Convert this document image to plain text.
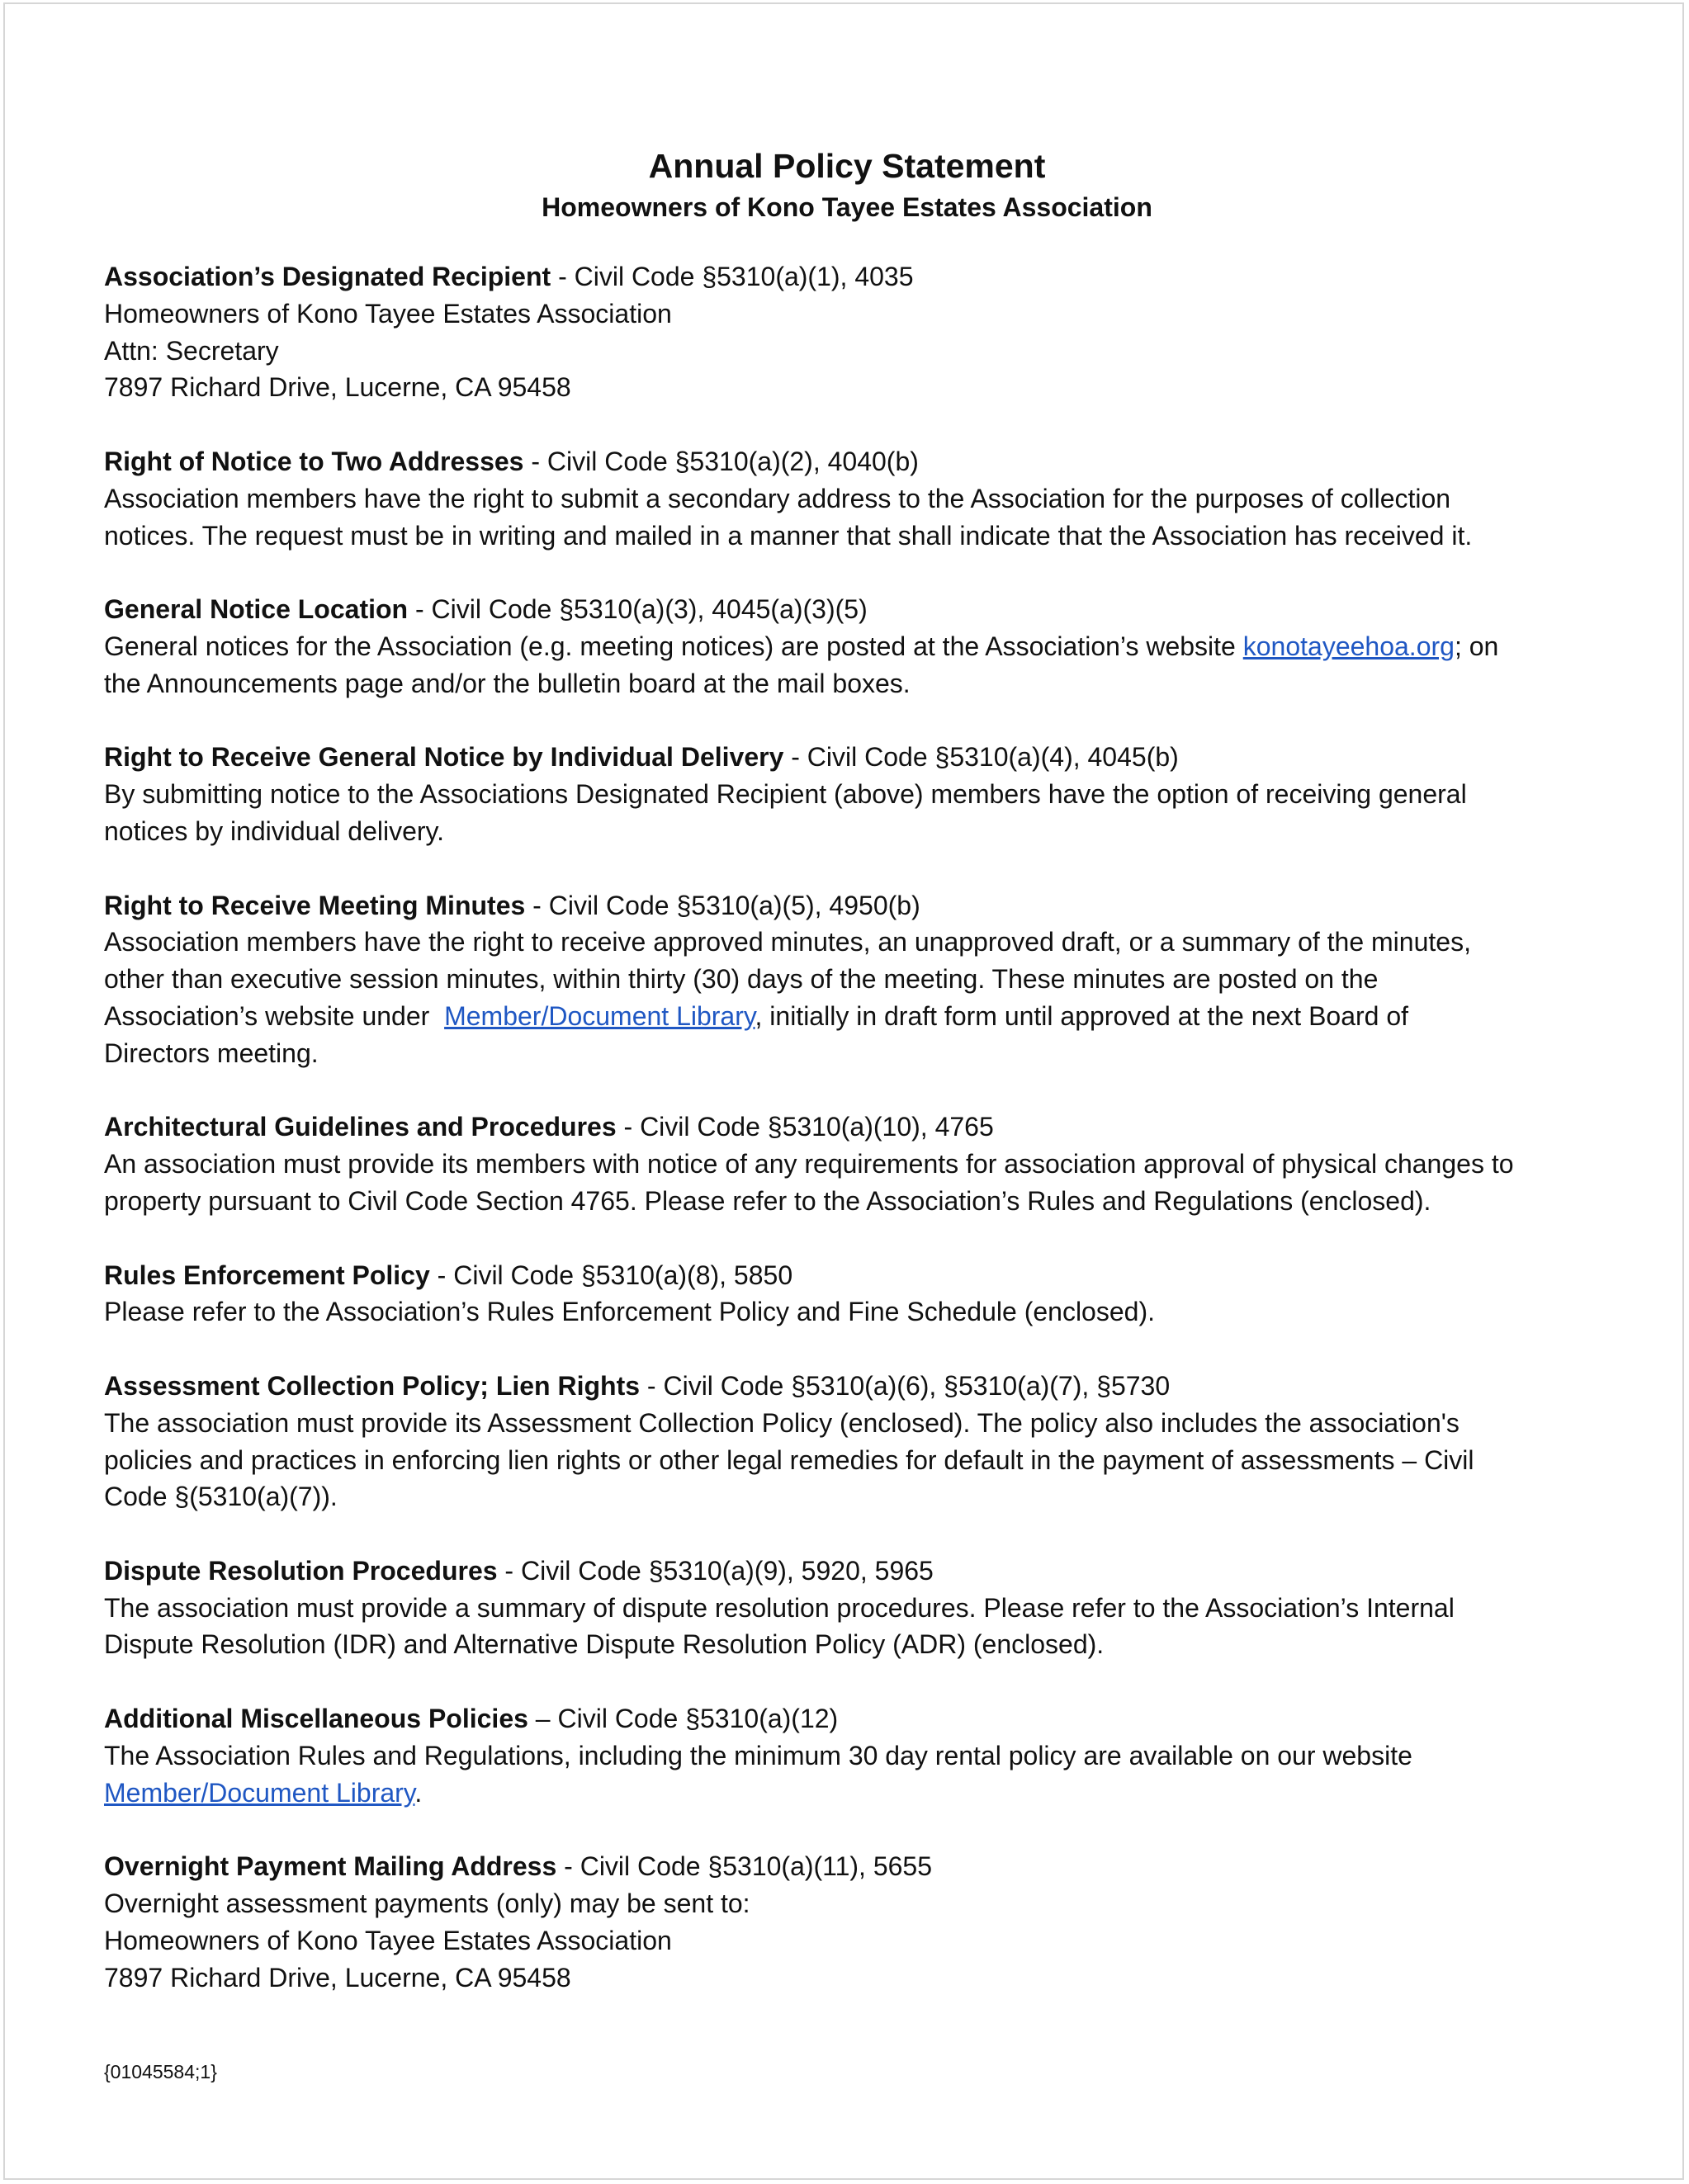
Annual Policy Statement
Homeowners of Kono Tayee Estates Association
Association’s Designated Recipient - Civil Code §5310(a)(1), 4035
Homeowners of Kono Tayee Estates Association
Attn: Secretary
7897 Richard Drive, Lucerne, CA 95458
Right of Notice to Two Addresses - Civil Code §5310(a)(2), 4040(b)
Association members have the right to submit a secondary address to the Association for the purposes of collection
notices. The request must be in writing and mailed in a manner that shall indicate that the Association has received it.
General Notice Location - Civil Code §5310(a)(3), 4045(a)(3)(5)
General notices for the Association (e.g. meeting notices) are posted at the Association’s website konotayeehoa.org; on
the Announcements page and/or the bulletin board at the mail boxes.
Right to Receive General Notice by Individual Delivery - Civil Code §5310(a)(4), 4045(b)
By submitting notice to the Associations Designated Recipient (above) members have the option of receiving general
notices by individual delivery.
Right to Receive Meeting Minutes - Civil Code §5310(a)(5), 4950(b)
Association members have the right to receive approved minutes, an unapproved draft, or a summary of the minutes,
other than executive session minutes, within thirty (30) days of the meeting. These minutes are posted on the
Association’s website under  Member/Document Library, initially in draft form until approved at the next Board of
Directors meeting.
Architectural Guidelines and Procedures - Civil Code §5310(a)(10), 4765
An association must provide its members with notice of any requirements for association approval of physical changes to
property pursuant to Civil Code Section 4765. Please refer to the Association’s Rules and Regulations (enclosed).
Rules Enforcement Policy - Civil Code §5310(a)(8), 5850
Please refer to the Association’s Rules Enforcement Policy and Fine Schedule (enclosed).
Assessment Collection Policy; Lien Rights - Civil Code §5310(a)(6), §5310(a)(7), §5730
The association must provide its Assessment Collection Policy (enclosed). The policy also includes the association's
policies and practices in enforcing lien rights or other legal remedies for default in the payment of assessments – Civil
Code §(5310(a)(7)).
Dispute Resolution Procedures - Civil Code §5310(a)(9), 5920, 5965
The association must provide a summary of dispute resolution procedures. Please refer to the Association’s Internal
Dispute Resolution (IDR) and Alternative Dispute Resolution Policy (ADR) (enclosed).
Additional Miscellaneous Policies – Civil Code §5310(a)(12)
The Association Rules and Regulations, including the minimum 30 day rental policy are available on our website
Member/Document Library.
Overnight Payment Mailing Address - Civil Code §5310(a)(11), 5655
Overnight assessment payments (only) may be sent to:
Homeowners of Kono Tayee Estates Association
7897 Richard Drive, Lucerne, CA 95458
{01045584;1}
